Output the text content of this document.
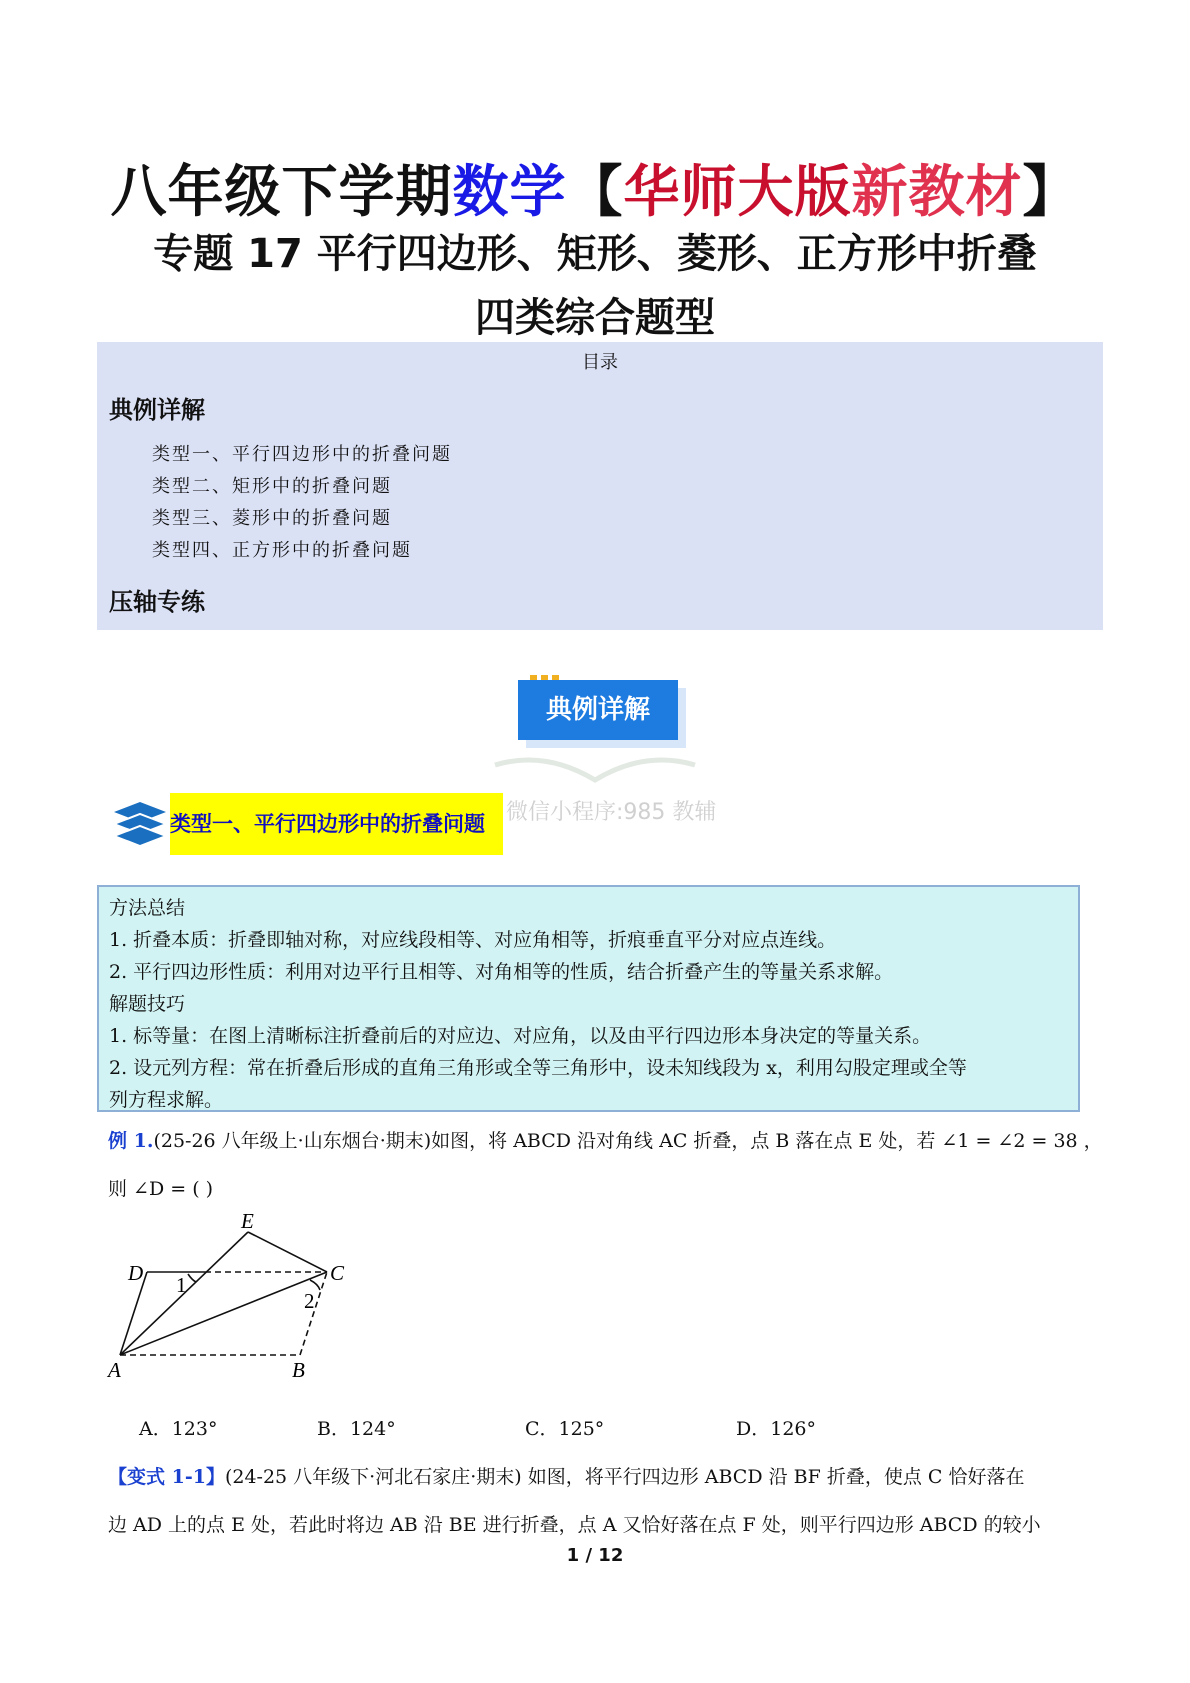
八年级下学期数学【华师大版新教材】
专题 17 平行四边形、矩形、菱形、正方形中折叠
四类综合题型
目录
典例详解
类型一、平行四边形中的折叠问题
类型二、矩形中的折叠问题
类型三、菱形中的折叠问题
类型四、正方形中的折叠问题
压轴专练
典例详解
微信小程序:985 教辅
类型一、平行四边形中的折叠问题
方法总结
1. 折叠本质：折叠即轴对称，对应线段相等、对应角相等，折痕垂直平分对应点连线。
2. 平行四边形性质：利用对边平行且相等、对角相等的性质，结合折叠产生的等量关系求解。
解题技巧
1. 标等量：在图上清晰标注折叠前后的对应边、对应角，以及由平行四边形本身决定的等量关系。
2. 设元列方程：常在折叠后形成的直角三角形或全等三角形中，设未知线段为 x，利用勾股定理或全等
列方程求解。
例 1.(25-26 八年级上·山东烟台·期末)如图，将 ABCD 沿对角线 AC 折叠，点 B 落在点 E 处，若 ∠1 = ∠2 = 38 ，
则 ∠D = ( )
E
D	C
A	B
1
2
A．123°	B．124°	C．125°	D．126°
【变式 1-1】(24-25 八年级下·河北石家庄·期末) 如图，将平行四边形 ABCD 沿 BF 折叠，使点 C 恰好落在
边 AD 上的点 E 处，若此时将边 AB 沿 BE 进行折叠，点 A 又恰好落在点 F 处，则平行四边形 ABCD 的较小
1 / 12
